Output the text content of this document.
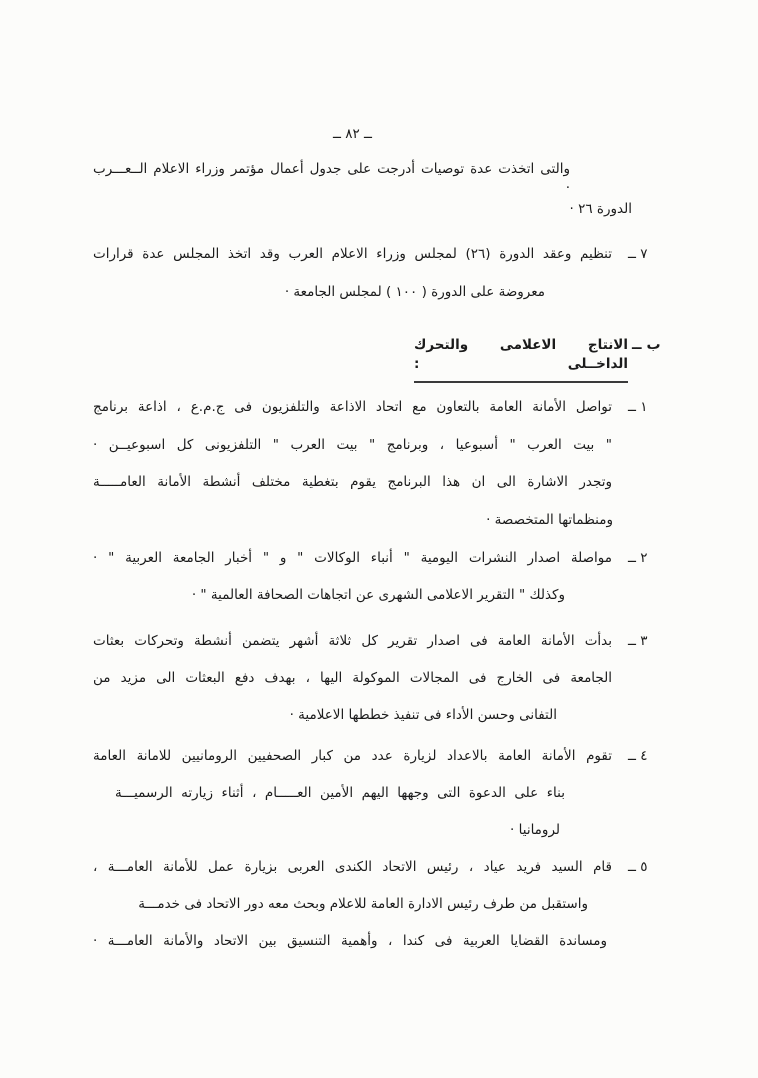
ــ ٨٢ ــ
والتى اتخذت عدة توصيات أدرجت على جدول أعمال مؤتمر وزراء الاعلام الــعـــرب ·
الدورة ٢٦ ·
٧ ــ
تنظيم وعقد الدورة (٢٦) لمجلس وزراء الاعلام العرب وقد اتخذ المجلس عدة قرارات
معروضة على الدورة ( ١٠٠ ) لمجلس الجامعة ·
ب ــ
الانتاج الاعلامى والتحرك الداخــلى :
١ ــ
تواصل الأمانة العامة بالتعاون مع اتحاد الاذاعة والتلفزيون فى ج.م.ع ، اذاعة برنامج
" بيت العرب " أسبوعيا ، وبرنامج " بيت العرب " التلفزيونى كل اسبوعيــن ·
وتجدر الاشارة الى ان هذا البرنامج يقوم بتغطية مختلف أنشطة الأمانة العامـــــة
ومنظماتها المتخصصة ·
٢ ــ
مواصلة اصدار النشرات اليومية " أنباء الوكالات " و " أخبار الجامعة العربية " ·
وكذلك " التقرير الاعلامى الشهرى عن اتجاهات الصحافة العالمية " ·
٣ ــ
بدأت الأمانة العامة فى اصدار تقرير كل ثلاثة أشهر يتضمن أنشطة وتحركات بعثات
الجامعة فى الخارج فى المجالات الموكولة اليها ، بهدف دفع البعثات الى مزيد من
التفانى وحسن الأداء فى تنفيذ خططها الاعلامية ·
٤ ــ
تقوم الأمانة العامة بالاعداد لزيارة عدد من كبار الصحفيين الرومانيين للامانة العامة
بناء على الدعوة التى وجهها اليهم الأمين العـــــام ، أثناء زيارته الرسميـــة
لرومانيا ·
٥ ــ
قام السيد فريد عياد ، رئيس الاتحاد الكندى العربى بزيارة عمل للأمانة العامـــة ،
واستقبل من طرف رئيس الادارة العامة للاعلام وبحث معه دور الاتحاد فى خدمـــة
ومساندة القضايا العربية فى كندا ، وأهمية التنسيق بين الاتحاد والأمانة العامـــة ·
